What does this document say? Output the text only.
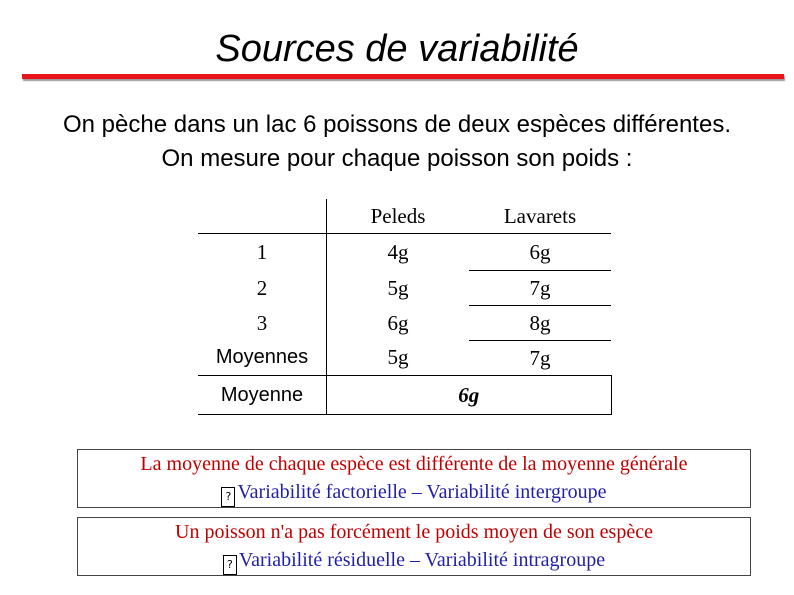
Sources de variabilité
On pèche dans un lac 6 poissons de deux espèces différentes.
On mesure pour chaque poisson son poids :
	Peleds	Lavarets
1	4g	6g
2	5g	7g
3	6g	8g
Moyennes	5g	7g
Moyenne	6g	
La moyenne de chaque espèce est différente de la moyenne générale
? Variabilité factorielle – Variabilité intergroupe
Un poisson n'a pas forcément le poids moyen de son espèce
? Variabilité résiduelle – Variabilité intragroupe
